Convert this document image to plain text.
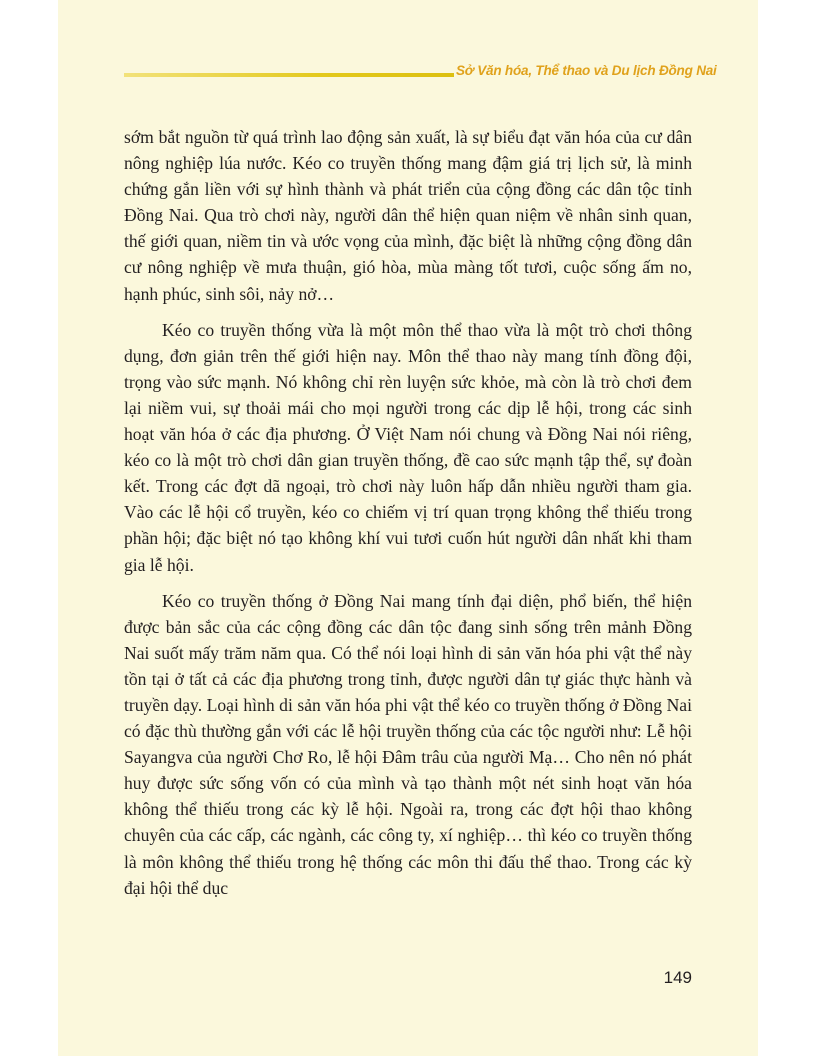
Sở Văn hóa, Thể thao và Du lịch Đồng Nai

sớm bắt nguồn từ quá trình lao động sản xuất, là sự biểu đạt văn hóa của cư dân nông nghiệp lúa nước. Kéo co truyền thống mang đậm giá trị lịch sử, là minh chứng gắn liền với sự hình thành và phát triển của cộng đồng các dân tộc tỉnh Đồng Nai. Qua trò chơi này, người dân thể hiện quan niệm về nhân sinh quan, thế giới quan, niềm tin và ước vọng của mình, đặc biệt là những cộng đồng dân cư nông nghiệp về mưa thuận, gió hòa, mùa màng tốt tươi, cuộc sống ấm no, hạnh phúc, sinh sôi, nảy nở…

Kéo co truyền thống vừa là một môn thể thao vừa là một trò chơi thông dụng, đơn giản trên thế giới hiện nay. Môn thể thao này mang tính đồng đội, trọng vào sức mạnh. Nó không chỉ rèn luyện sức khỏe, mà còn là trò chơi đem lại niềm vui, sự thoải mái cho mọi người trong các dịp lễ hội, trong các sinh hoạt văn hóa ở các địa phương. Ở Việt Nam nói chung và Đồng Nai nói riêng, kéo co là một trò chơi dân gian truyền thống, đề cao sức mạnh tập thể, sự đoàn kết. Trong các đợt dã ngoại, trò chơi này luôn hấp dẫn nhiều người tham gia. Vào các lễ hội cổ truyền, kéo co chiếm vị trí quan trọng không thể thiếu trong phần hội; đặc biệt nó tạo không khí vui tươi cuốn hút người dân nhất khi tham gia lễ hội.

Kéo co truyền thống ở Đồng Nai mang tính đại diện, phổ biến, thể hiện được bản sắc của các cộng đồng các dân tộc đang sinh sống trên mảnh Đồng Nai suốt mấy trăm năm qua. Có thể nói loại hình di sản văn hóa phi vật thể này tồn tại ở tất cả các địa phương trong tỉnh, được người dân tự giác thực hành và truyền dạy. Loại hình di sản văn hóa phi vật thể kéo co truyền thống ở Đồng Nai có đặc thù thường gắn với các lễ hội truyền thống của các tộc người như: Lễ hội Sayangva của người Chơ Ro, lễ hội Đâm trâu của người Mạ… Cho nên nó phát huy được sức sống vốn có của mình và tạo thành một nét sinh hoạt văn hóa không thể thiếu trong các kỳ lễ hội. Ngoài ra, trong các đợt hội thao không chuyên của các cấp, các ngành, các công ty, xí nghiệp… thì kéo co truyền thống là môn không thể thiếu trong hệ thống các môn thi đấu thể thao. Trong các kỳ đại hội thể dục

149
